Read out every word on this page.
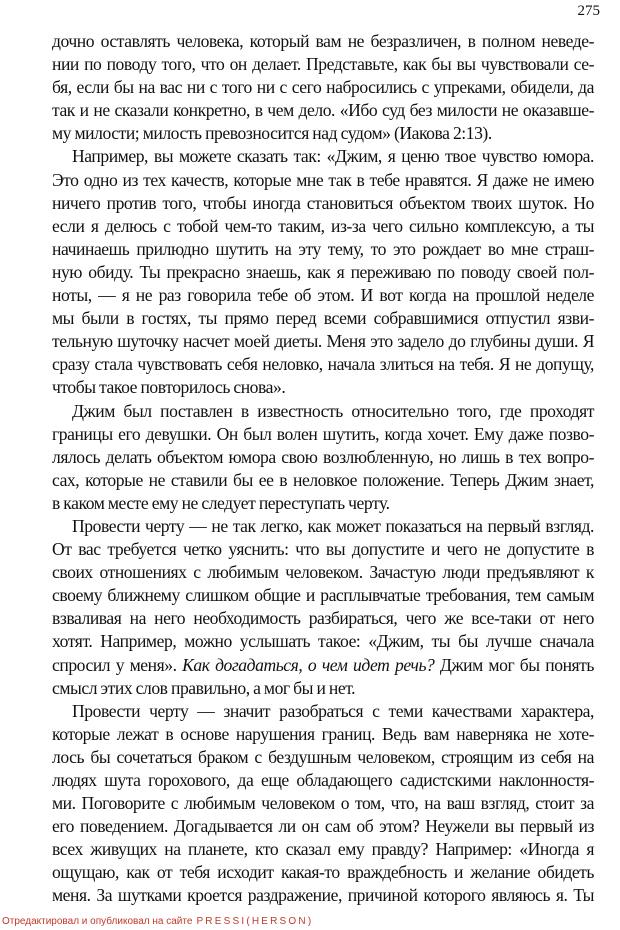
275
дочно оставлять человека, который вам не безразличен, в полном неведе-
нии по поводу того, что он делает. Представьте, как бы вы чувствовали се-
бя, если бы на вас ни с того ни с сего набросились с упреками, обидели, да
так и не сказали конкретно, в чем дело. «Ибо суд без милости не оказавше-
му милости; милость превозносится над судом» (Иакова 2:13).
Например, вы можете сказать так: «Джим, я ценю твое чувство юмора.
Это одно из тех качеств, которые мне так в тебе нравятся. Я даже не имею
ничего против того, чтобы иногда становиться объектом твоих шуток. Но
если я делюсь с тобой чем-то таким, из-за чего сильно комплексую, а ты
начинаешь прилюдно шутить на эту тему, то это рождает во мне страш-
ную обиду. Ты прекрасно знаешь, как я переживаю по поводу своей пол-
ноты, — я не раз говорила тебе об этом. И вот когда на прошлой неделе
мы были в гостях, ты прямо перед всеми собравшимися отпустил язви-
тельную шуточку насчет моей диеты. Меня это задело до глубины души. Я
сразу стала чувствовать себя неловко, начала злиться на тебя. Я не допущу,
чтобы такое повторилось снова».
Джим был поставлен в известность относительно того, где проходят
границы его девушки. Он был волен шутить, когда хочет. Ему даже позво-
лялось делать объектом юмора свою возлюбленную, но лишь в тех вопро-
сах, которые не ставили бы ее в неловкое положение. Теперь Джим знает,
в каком месте ему не следует переступать черту.
Провести черту — не так легко, как может показаться на первый взгляд.
От вас требуется четко уяснить: что вы допустите и чего не допустите в
своих отношениях с любимым человеком. Зачастую люди предъявляют к
своему ближнему слишком общие и расплывчатые требования, тем самым
взваливая на него необходимость разбираться, чего же все-таки от него
хотят. Например, можно услышать такое: «Джим, ты бы лучше сначала
спросил у меня». Как догадаться, о чем идет речь? Джим мог бы понять
смысл этих слов правильно, а мог бы и нет.
Провести черту — значит разобраться с теми качествами характера,
которые лежат в основе нарушения границ. Ведь вам наверняка не хоте-
лось бы сочетаться браком с бездушным человеком, строящим из себя на
людях шута горохового, да еще обладающего садистскими наклонностя-
ми. Поговорите с любимым человеком о том, что, на ваш взгляд, стоит за
его поведением. Догадывается ли он сам об этом? Неужели вы первый из
всех живущих на планете, кто сказал ему правду? Например: «Иногда я
ощущаю, как от тебя исходит какая-то враждебность и желание обидеть
меня. За шутками кроется раздражение, причиной которого являюсь я. Ты
Отредактировал и опубликовал на сайте PRESSI(HERSON)
